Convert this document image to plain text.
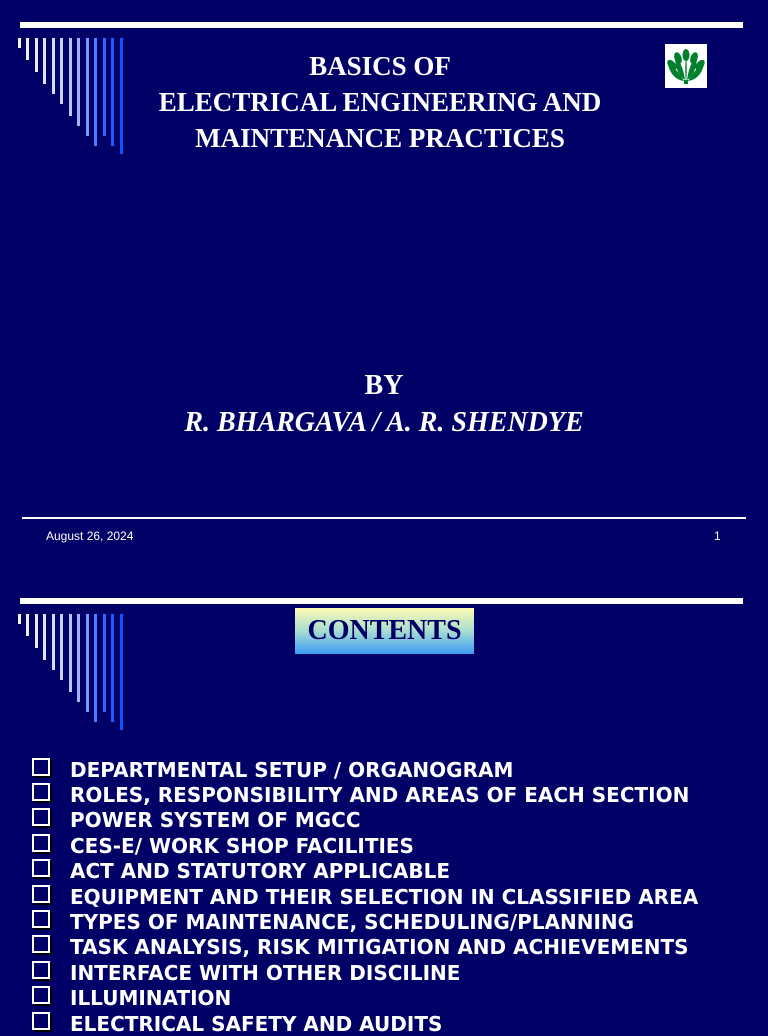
BASICS OF
ELECTRICAL ENGINEERING AND
MAINTENANCE PRACTICES
BY
R. BHARGAVA / A. R. SHENDYE
August 26, 2024	1
CONTENTS
DEPARTMENTAL SETUP / ORGANOGRAM
ROLES, RESPONSIBILITY AND AREAS OF EACH SECTION
POWER SYSTEM OF MGCC
CES-E/ WORK SHOP FACILITIES
ACT AND STATUTORY APPLICABLE
EQUIPMENT AND THEIR SELECTION IN CLASSIFIED AREA
TYPES OF MAINTENANCE, SCHEDULING/PLANNING
TASK ANALYSIS, RISK MITIGATION AND ACHIEVEMENTS
INTERFACE WITH OTHER DISCILINE
ILLUMINATION
ELECTRICAL SAFETY AND AUDITS
